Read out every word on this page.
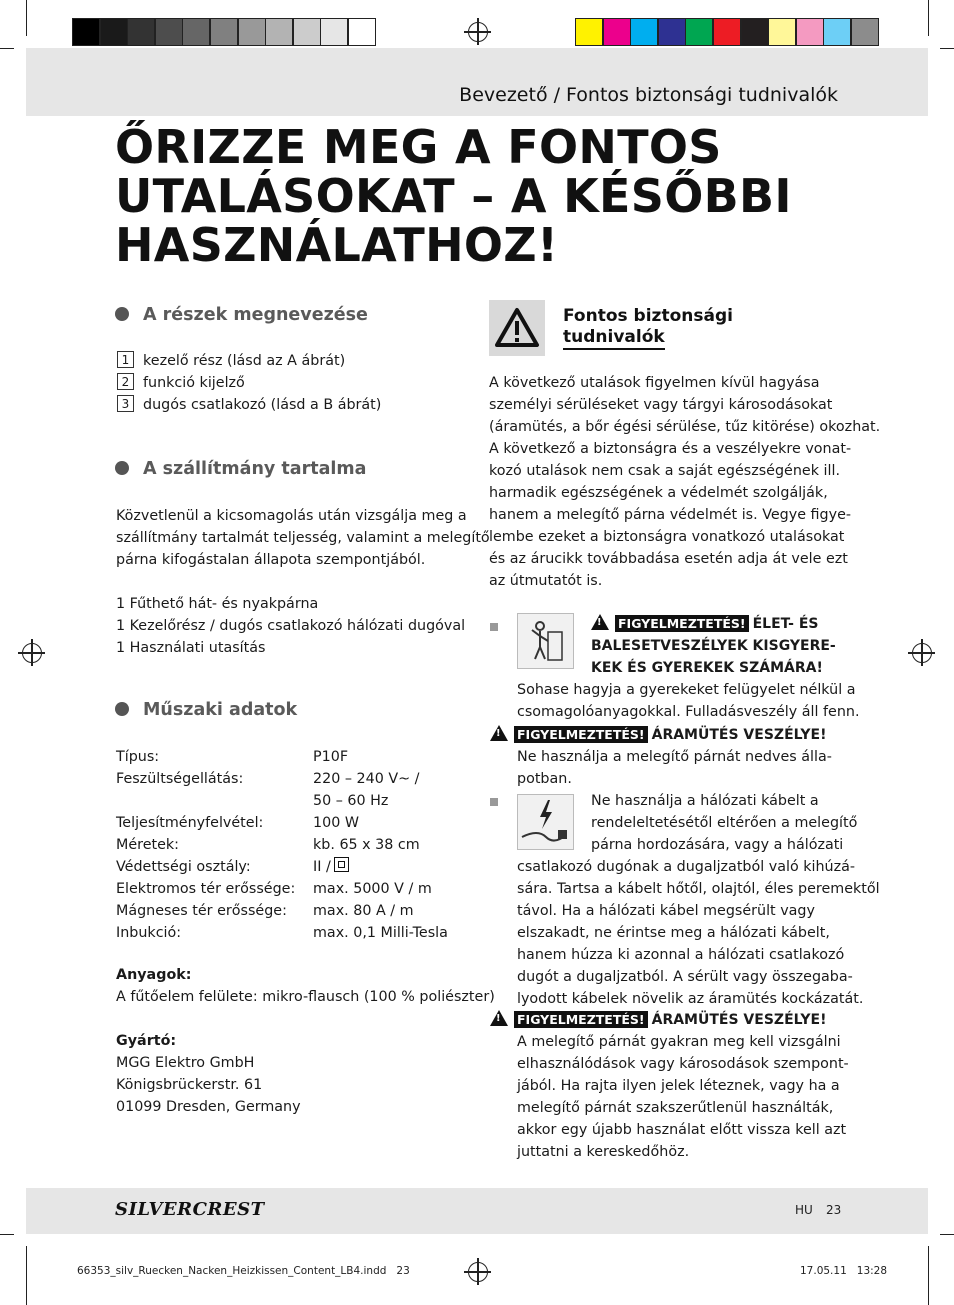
Bevezető / Fontos biztonsági tudnivalók
ŐRIZZE MEG A FONTOS
UTALÁSOKAT – A KÉSŐBBI
HASZNÁLATHOZ!
A részek megnevezése
1 kezelő rész (lásd az A ábrát)
2 funkció kijelző
3 dugós csatlakozó (lásd a B ábrát)
A szállítmány tartalma
Közvetlenül a kicsomagolás után vizsgálja meg a
szállítmány tartalmát teljesség, valamint a melegítő
párna kifogástalan állapota szempontjából.
1 Fűthető hát- és nyakpárna
1 Kezelőrész / dugós csatlakozó hálózati dugóval
1 Használati utasítás
Műszaki adatok
Típus:
Feszültségellátás:
Teljesítményfelvétel:
Méretek:
Védettségi osztály:
Elektromos tér erőssége:
Mágneses tér erőssége:
Inbukció:
P10F
220 – 240 V~ /
50 – 60 Hz
100 W
kb. 65 x 38 cm
II /
max. 5000 V / m
max. 80 A / m
max. 0,1 Milli-Tesla
Anyagok:
A fűtőelem felülete: mikro-flausch (100 % poliészter)
Gyártó:
MGG Elektro GmbH
Königsbrückerstr. 61
01099 Dresden, Germany
Fontos biztonsági
tudnivalók
A következő utalások figyelmen kívül hagyása
személyi sérüléseket vagy tárgyi károsodásokat
(áramütés, a bőr égési sérülése, tűz kitörése) okozhat.
A következő a biztonságra és a veszélyekre vonat-
kozó utalások nem csak a saját egészségének ill.
harmadik egészségének a védelmét szolgálják,
hanem a melegítő párna védelmét is. Vegye figye-
lembe ezeket a biztonságra vonatkozó utalásokat
és az árucikk továbbadása esetén adja át vele ezt
az útmutatót is.
!FIGYELMEZTETÉS! ÉLET- ÉS
BALESETVESZÉLYEK KISGYERE-
KEK ÉS GYEREKEK SZÁMÁRA!
Sohase hagyja a gyerekeket felügyelet nélkül a
csomagolóanyagokkal. Fulladásveszély áll fenn.
!FIGYELMEZTETÉS! ÁRAMÜTÉS VESZÉLYE!
Ne használja a melegítő párnát nedves álla-
potban.
Ne használja a hálózati kábelt a
rendeleltetésétől eltérően a melegítő
párna hordozására, vagy a hálózati
csatlakozó dugónak a dugaljzatból való kihúzá-
sára. Tartsa a kábelt hőtől, olajtól, éles peremektől
távol. Ha a hálózati kábel megsérült vagy
elszakadt, ne érintse meg a hálózati kábelt,
hanem húzza ki azonnal a hálózati csatlakozó
dugót a dugaljzatból. A sérült vagy összegaba-
lyodott kábelek növelik az áramütés kockázatát.
!FIGYELMEZTETÉS! ÁRAMÜTÉS VESZÉLYE!
A melegítő párnát gyakran meg kell vizsgálni
elhasználódások vagy károsodások szempont-
jából. Ha rajta ilyen jelek léteznek, vagy ha a
melegítő párnát szakszerűtlenül használták,
akkor egy újabb használat előtt vissza kell azt
juttatni a kereskedőhöz.
SILVERCREST	HU 23
66353_silv_Ruecken_Nacken_Heizkissen_Content_LB4.indd   23	17.05.11   13:28
